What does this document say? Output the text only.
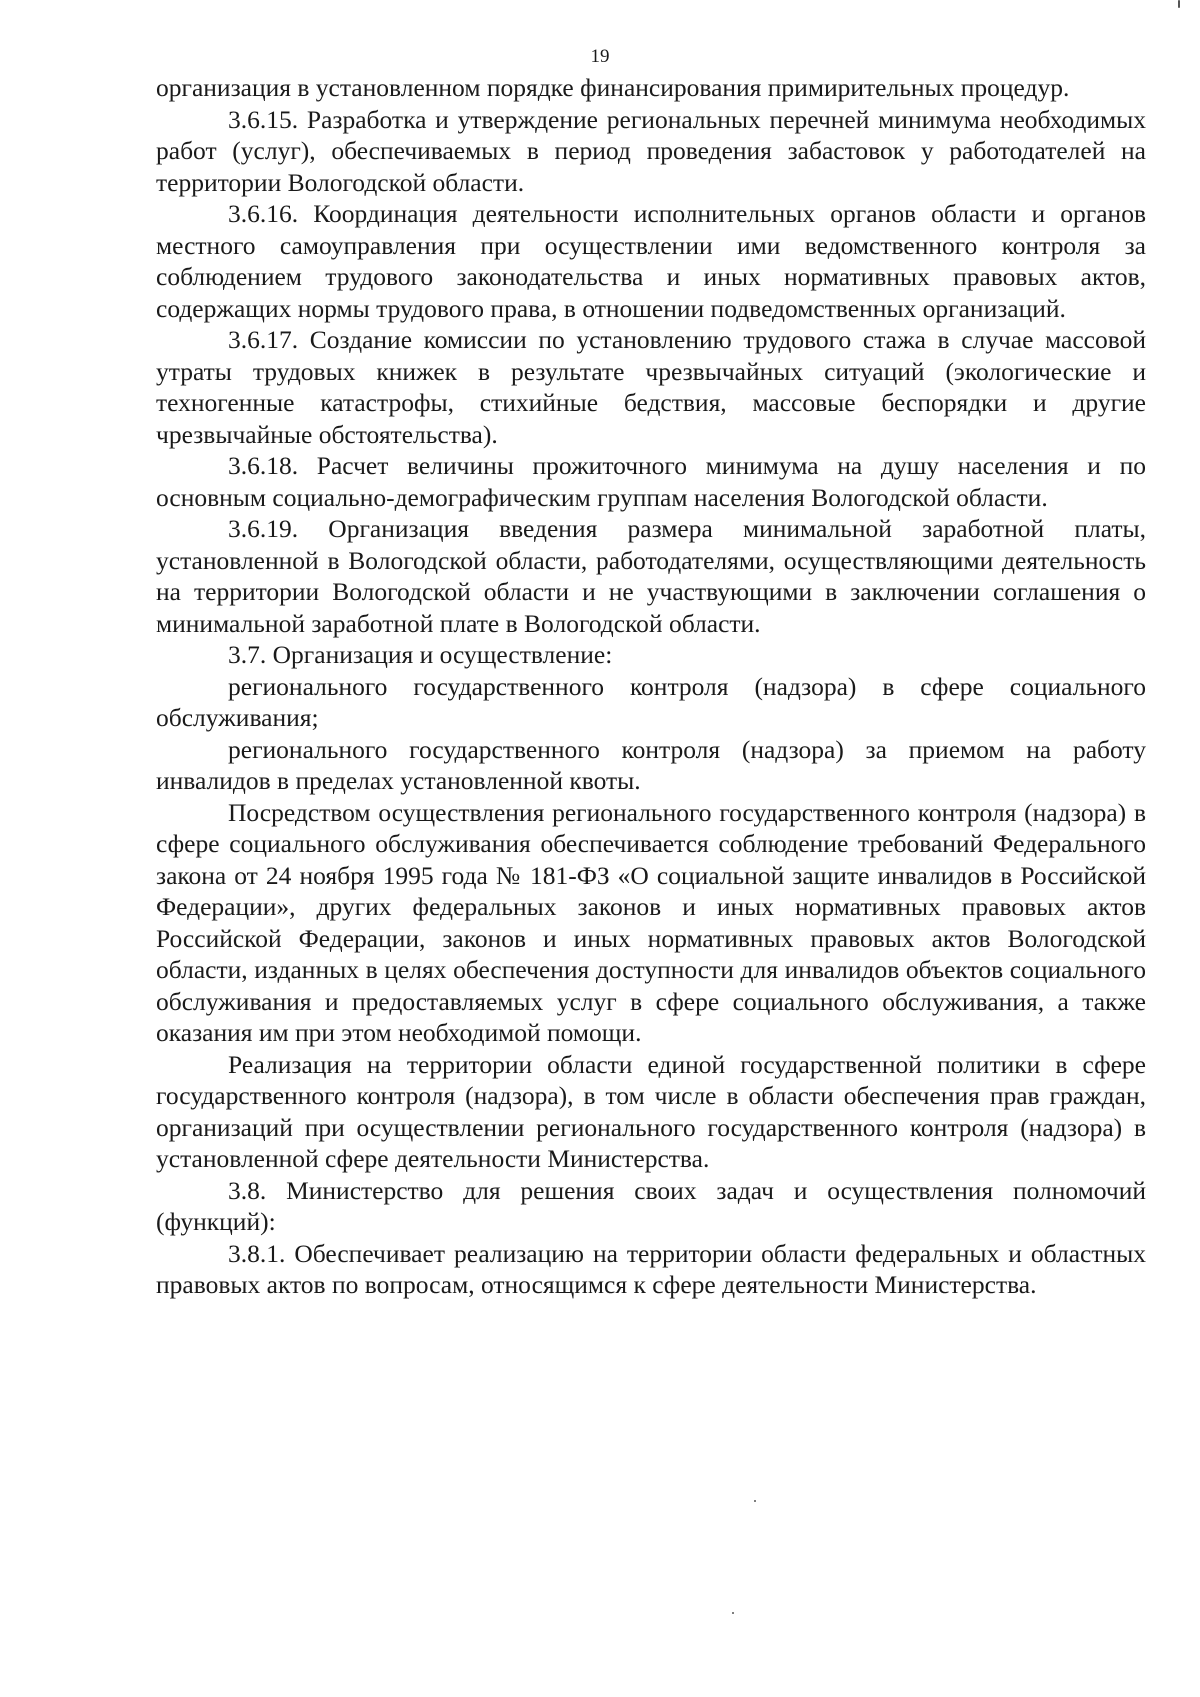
19

организация в установленном порядке финансирования примирительных процедур.

3.6.15. Разработка и утверждение региональных перечней минимума необходимых работ (услуг), обеспечиваемых в период проведения забастовок у работодателей на территории Вологодской области.

3.6.16. Координация деятельности исполнительных органов области и органов местного самоуправления при осуществлении ими ведомственного контроля за соблюдением трудового законодательства и иных нормативных правовых актов, содержащих нормы трудового права, в отношении подведомственных организаций.

3.6.17. Создание комиссии по установлению трудового стажа в случае массовой утраты трудовых книжек в результате чрезвычайных ситуаций (экологические и техногенные катастрофы, стихийные бедствия, массовые беспорядки и другие чрезвычайные обстоятельства).

3.6.18. Расчет величины прожиточного минимума на душу населения и по основным социально-демографическим группам населения Вологодской области.

3.6.19. Организация введения размера минимальной заработной платы, установленной в Вологодской области, работодателями, осуществляющими деятельность на территории Вологодской области и не участвующими в заключении соглашения о минимальной заработной плате в Вологодской области.

3.7. Организация и осуществление:

регионального государственного контроля (надзора) в сфере социального обслуживания;

регионального государственного контроля (надзора) за приемом на работу инвалидов в пределах установленной квоты.

Посредством осуществления регионального государственного контроля (надзора) в сфере социального обслуживания обеспечивается соблюдение требований Федерального закона от 24 ноября 1995 года № 181-ФЗ «О социальной защите инвалидов в Российской Федерации», других федеральных законов и иных нормативных правовых актов Российской Федерации, законов и иных нормативных правовых актов Вологодской области, изданных в целях обеспечения доступности для инвалидов объектов социального обслуживания и предоставляемых услуг в сфере социального обслуживания, а также оказания им при этом необходимой помощи.

Реализация на территории области единой государственной политики в сфере государственного контроля (надзора), в том числе в области обеспечения прав граждан, организаций при осуществлении регионального государственного контроля (надзора) в установленной сфере деятельности Министерства.

3.8. Министерство для решения своих задач и осуществления полномочий (функций):

3.8.1. Обеспечивает реализацию на территории области федеральных и областных правовых актов по вопросам, относящимся к сфере деятельности Министерства.
